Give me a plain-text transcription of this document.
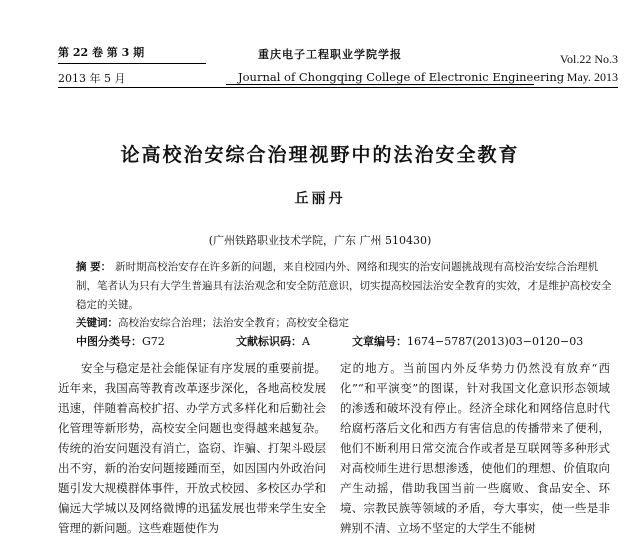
第 22 卷 第 3 期
2013 年 5 月
重庆电子工程职业学院学报
Journal of Chongqing College of Electronic Engineering
Vol.22 No.3
May. 2013
论高校治安综合治理视野中的法治安全教育
丘丽丹
(广州铁路职业技术学院，广东 广州 510430)
摘 要： 新时期高校治安存在许多新的问题，来自校园内外、网络和现实的治安问题挑战现有高校治安综合治理机制，笔者认为只有大学生普遍具有法治观念和安全防范意识，切实提高校园法治安全教育的实效，才是维护高校安全稳定的关键。
关键词：高校治安综合治理；法治安全教育；高校安全稳定
中图分类号：G72	文献标识码：A	文章编号：1674−5787(2013)03−0120−03

安全与稳定是社会能保证有序发展的重要前提。近年来，我国高等教育改革逐步深化，各地高校发展迅速，伴随着高校扩招、办学方式多样化和后勤社会化管理等新形势，高校安全问题也变得越来越复杂。传统的治安问题没有消亡，盗窃、诈骗、打架斗殴层出不穷，新的治安问题接踵而至，如因国内外政治问题引发大规模群体事件，开放式校园、多校区办学和偏远大学城以及网络微博的迅猛发展也带来学生安全管理的新问题。这些难题使作为

定的地方。当前国内外反华势力仍然没有放弃“西化”“和平演变”的图谋，针对我国文化意识形态领域的渗透和破坏没有停止。经济全球化和网络信息时代给腐朽落后文化和西方有害信息的传播带来了便利，他们不断利用日常交流合作或者是互联网等多种形式对高校师生进行思想渗透，使他们的理想、价值取向产生动摇，借助我国当前一些腐败、食品安全、环境、宗教民族等领域的矛盾，夸大事实，使一些是非辨别不清、立场不坚定的大学生不能树
